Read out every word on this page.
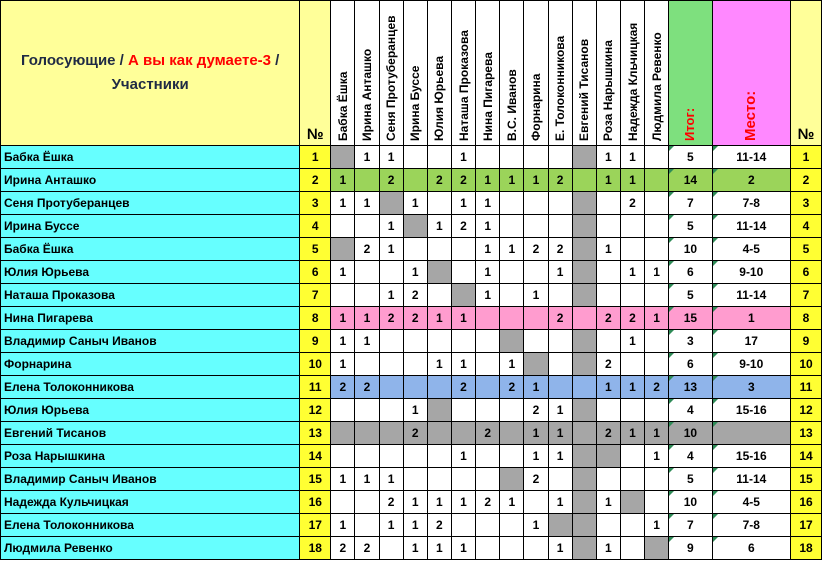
Голосующие / А вы как думаете-3 / Участники	№	Бабка Ёшка	Ирина Анташко	Сеня Протуберанцев	Ирина Буссе	Юлия Юрьева	Наташа Проказова	Нина Пигарева	В.С. Иванов	Форнарина	Е. Толоконникова	Евгений Тисанов	Роза Нарышкина	Надежда Кльчицкая	Людмила Ревенко	Итог:	Место:	№
Бабка Ёшка	1		1	1			1						1	1		5	11-14	1
Ирина Анташко	2	1		2		2	2	1	1	1	2		1	1		14	2	2
Сеня Протуберанцев	3	1	1		1		1	1						2		7	7-8	3
Ирина Буссе	4			1		1	2	1								5	11-14	4
Бабка Ёшка	5		2	1				1	1	2	2		1			10	4-5	5
Юлия Юрьева	6	1			1			1			1			1	1	6	9-10	6
Наташа Проказова	7			1	2			1		1						5	11-14	7
Нина Пигарева	8	1	1	2	2	1	1				2		2	2	1	15	1	8
Владимир Саныч Иванов	9	1	1											1		3	17	9
Форнарина	10	1				1	1		1				2			6	9-10	10
Елена Толоконникова	11	2	2				2		2	1			1	1	2	13	3	11
Юлия Юрьева	12				1					2	1					4	15-16	12
Евгений Тисанов	13				2			2		1	1		2	1	1	10		13
Роза Нарышкина	14						1			1	1				1	4	15-16	14
Владимир Саныч Иванов	15	1	1	1						2						5	11-14	15
Надежда Кульчицкая	16			2	1	1	1	2	1		1		1			10	4-5	16
Елена Толоконникова	17	1		1	1	2				1					1	7	7-8	17
Людмила Ревенко	18	2	2		1	1	1				1		1			9	6	18
